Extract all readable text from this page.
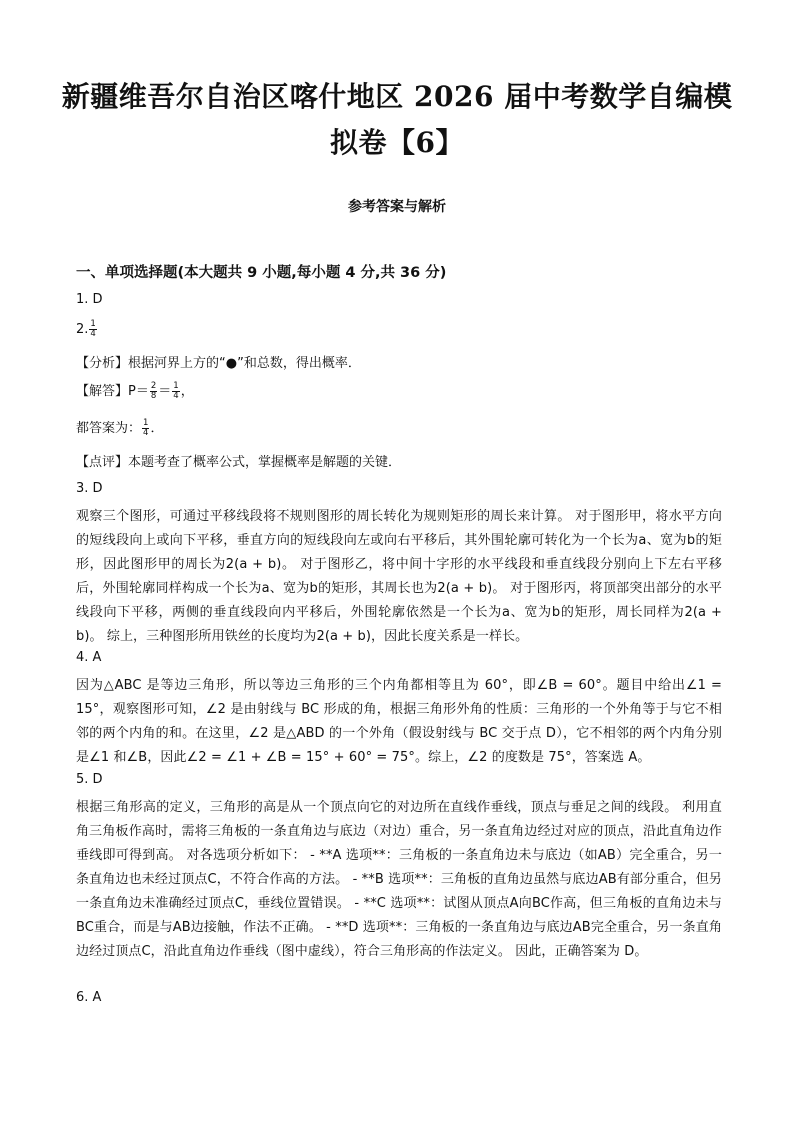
新疆维吾尔自治区喀什地区 2026 届中考数学自编模拟卷【6】
参考答案与解析
一、单项选择题(本大题共 9 小题,每小题 4 分,共 36 分)
1. D
2. $\frac{1}{4}$
【分析】根据河界上方的“●”和总数，得出概率．
【解答】$P= \frac{2}{8} = \frac{1}{4}$ ，
都答案为： $\frac{1}{4}$ ．
【点评】本题考查了概率公式，掌握概率是解题的关键．
3. D
观察三个图形，可通过平移线段将不规则图形的周长转化为规则矩形的周长来计算。 对于图形甲，将水平方向的短线段向上或向下平移，垂直方向的短线段向左或向右平移后，其外围轮廓可转化为一个长为a、宽为b的矩形，因此图形甲的周长为2(a + b)。 对于图形乙，将中间十字形的水平线段和垂直线段分别向上下左右平移后，外围轮廓同样构成一个长为a、宽为b的矩形，其周长也为2(a + b)。 对于图形丙，将顶部突出部分的水平线段向下平移，两侧的垂直线段向内平移后，外围轮廓依然是一个长为a、宽为b的矩形，周长同样为2(a + b)。 综上，三种图形所用铁丝的长度均为2(a + b)，因此长度关系是一样长。
4. A
因为△ABC 是等边三角形，所以等边三角形的三个内角都相等且为 60°，即∠B = 60°。题目中给出∠1 = 15°，观察图形可知，∠2 是由射线与 BC 形成的角，根据三角形外角的性质：三角形的一个外角等于与它不相邻的两个内角的和。在这里，∠2 是△ABD 的一个外角（假设射线与 BC 交于点 D），它不相邻的两个内角分别是∠1 和∠B，因此∠2 = ∠1 + ∠B = 15° + 60° = 75°。综上，∠2 的度数是 75°，答案选 A。
5. D
根据三角形高的定义，三角形的高是从一个顶点向它的对边所在直线作垂线，顶点与垂足之间的线段。 利用直角三角板作高时，需将三角板的一条直角边与底边（对边）重合，另一条直角边经过对应的顶点，沿此直角边作垂线即可得到高。 对各选项分析如下： - **A 选项**：三角板的一条直角边未与底边（如AB）完全重合，另一条直角边也未经过顶点C，不符合作高的方法。 - **B 选项**：三角板的直角边虽然与底边AB有部分重合，但另一条直角边未准确经过顶点C，垂线位置错误。 - **C 选项**：试图从顶点A向BC作高，但三角板的直角边未与BC重合，而是与AB边接触，作法不正确。 - **D 选项**：三角板的一条直角边与底边AB完全重合，另一条直角边经过顶点C，沿此直角边作垂线（图中虚线），符合三角形高的作法定义。 因此，正确答案为 D。
6. A
